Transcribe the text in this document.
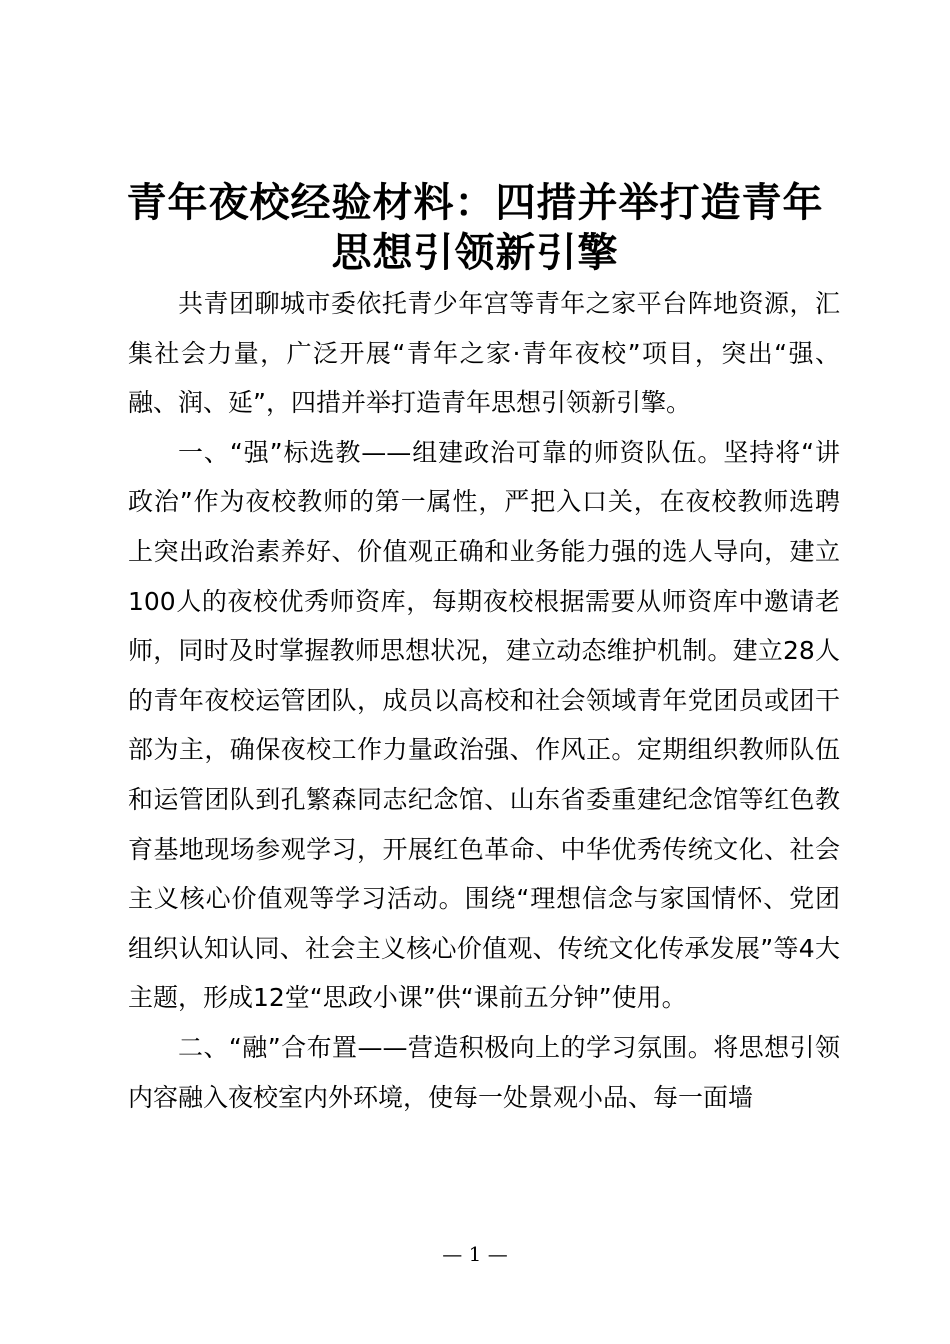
青年夜校经验材料：四措并举打造青年
思想引领新引擎

共青团聊城市委依托青少年宫等青年之家平台阵地资源，汇集社会力量，广泛开展“青年之家·青年夜校”项目，突出“强、融、润、延”，四措并举打造青年思想引领新引擎。

一、“强”标选教——组建政治可靠的师资队伍。坚持将“讲政治”作为夜校教师的第一属性，严把入口关，在夜校教师选聘上突出政治素养好、价值观正确和业务能力强的选人导向，建立100人的夜校优秀师资库，每期夜校根据需要从师资库中邀请老师，同时及时掌握教师思想状况，建立动态维护机制。建立28人的青年夜校运管团队，成员以高校和社会领域青年党团员或团干部为主，确保夜校工作力量政治强、作风正。定期组织教师队伍和运管团队到孔繁森同志纪念馆、山东省委重建纪念馆等红色教育基地现场参观学习，开展红色革命、中华优秀传统文化、社会主义核心价值观等学习活动。围绕“理想信念与家国情怀、党团组织认知认同、社会主义核心价值观、传统文化传承发展”等4大主题，形成12堂“思政小课”供“课前五分钟”使用。

二、“融”合布置——营造积极向上的学习氛围。将思想引领内容融入夜校室内外环境，使每一处景观小品、每一面墙

— 1 —
